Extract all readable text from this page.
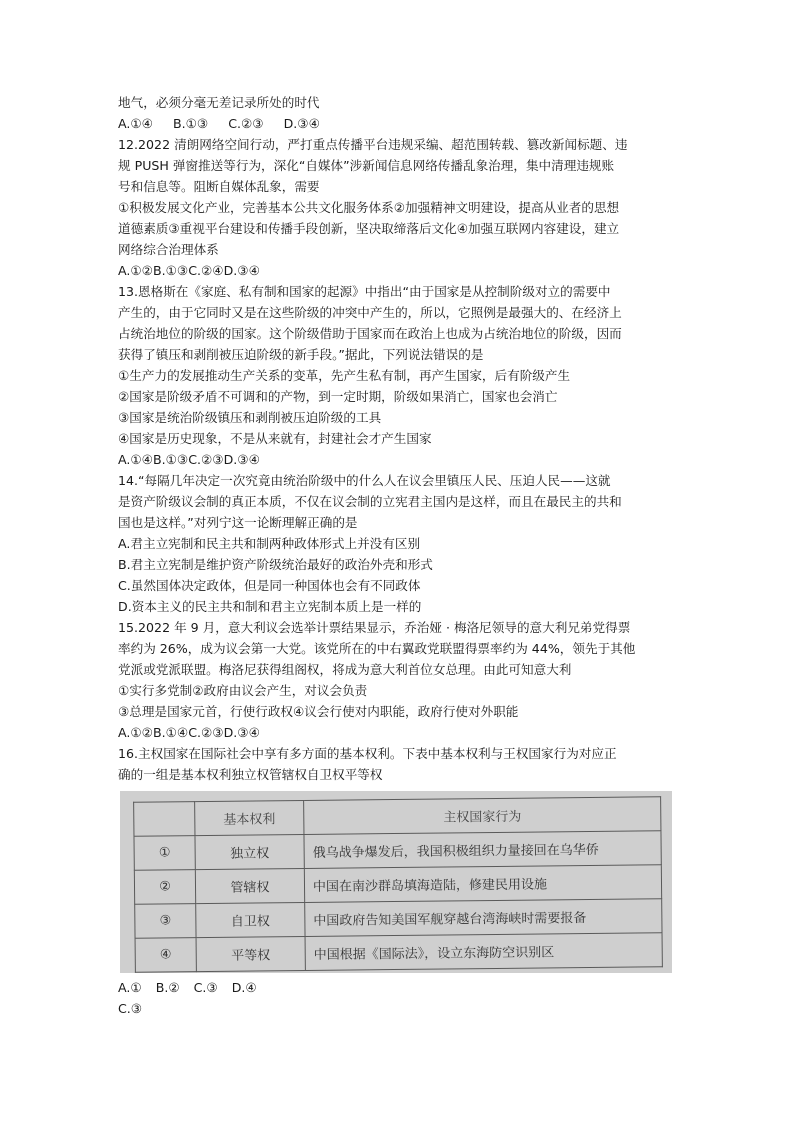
地气，必须分毫无差记录所处的时代

A.①④ B.①③ C.②③ D.③④

12.2022 清朗网络空间行动，严打重点传播平台违规采编、超范围转载、篡改新闻标题、违

规 PUSH 弹窗推送等行为，深化“自媒体”涉新闻信息网络传播乱象治理，集中清理违规账

号和信息等。阻断自媒体乱象，需要

①积极发展文化产业，完善基本公共文化服务体系②加强精神文明建设，提高从业者的思想

道德素质③重视平台建设和传播手段创新，坚决取缔落后文化④加强互联网内容建设，建立

网络综合治理体系

A.①②B.①③C.②④D.③④

13.恩格斯在《家庭、私有制和国家的起源》中指出“由于国家是从控制阶级对立的需要中

产生的，由于它同时又是在这些阶级的冲突中产生的，所以，它照例是最强大的、在经济上

占统治地位的阶级的国家。这个阶级借助于国家而在政治上也成为占统治地位的阶级，因而

获得了镇压和剥削被压迫阶级的新手段。”据此，下列说法错误的是

①生产力的发展推动生产关系的变革，先产生私有制，再产生国家，后有阶级产生

②国家是阶级矛盾不可调和的产物，到一定时期，阶级如果消亡，国家也会消亡

③国家是统治阶级镇压和剥削被压迫阶级的工具

④国家是历史现象，不是从来就有，封建社会才产生国家

A.①④B.①③C.②③D.③④

14.“每隔几年决定一次究竟由统治阶级中的什么人在议会里镇压人民、压迫人民——这就

是资产阶级议会制的真正本质，不仅在议会制的立宪君主国内是这样，而且在最民主的共和

国也是这样。”对列宁这一论断理解正确的是

A.君主立宪制和民主共和制两种政体形式上并没有区别

B.君主立宪制是维护资产阶级统治最好的政治外壳和形式

C.虽然国体决定政体，但是同一种国体也会有不同政体

D.资本主义的民主共和制和君主立宪制本质上是一样的

15.2022 年 9 月，意大利议会选举计票结果显示，乔治娅 · 梅洛尼领导的意大利兄弟党得票

率约为 26%，成为议会第一大党。该党所在的中右翼政党联盟得票率约为 44%，领先于其他

党派或党派联盟。梅洛尼获得组阁权，将成为意大利首位女总理。由此可知意大利

①实行多党制②政府由议会产生，对议会负责

③总理是国家元首，行使行政权④议会行使对内职能，政府行使对外职能

A.①②B.①④C.②③D.③④

16.主权国家在国际社会中享有多方面的基本权利。下表中基本权利与王权国家行为对应正

确的一组是基本权利独立权管辖权自卫权平等权

	基本权利	主权国家行为
①	独立权	俄乌战争爆发后，我国积极组织力量接回在乌华侨
②	管辖权	中国在南沙群岛填海造陆，修建民用设施
③	自卫权	中国政府告知美国军舰穿越台湾海峡时需要报备
④	平等权	中国根据《国际法》，设立东海防空识别区

A.① B.② C.③ D.④

C.③
